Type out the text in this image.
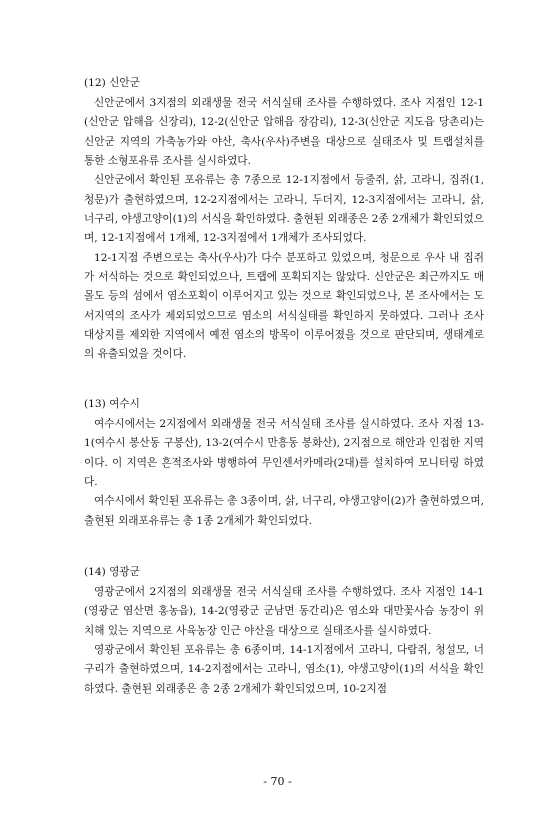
(12) 신안군

신안군에서 3지점의 외래생물 전국 서식실태 조사를 수행하였다. 조사 지점인 12-1(신안군 압해읍 신장리), 12-2(신안군 압해읍 장감리), 12-3(신안군 지도읍 당촌리)는 신안군 지역의 가축농가와 야산, 축사(우사)주변을 대상으로 실태조사 및 트랩설치를 통한 소형포유류 조사를 실시하였다.

신안군에서 확인된 포유류는 총 7종으로 12-1지점에서 등줄쥐, 삵, 고라니, 집쥐(1, 청문)가 출현하였으며, 12-2지점에서는 고라니, 두더지, 12-3지점에서는 고라니, 삵, 너구리, 야생고양이(1)의 서식을 확인하였다. 출현된 외래종은 2종 2개체가 확인되었으며, 12-1지점에서 1개체, 12-3지점에서 1개체가 조사되었다.

12-1지점 주변으로는 축사(우사)가 다수 분포하고 있었으며, 청문으로 우사 내 집쥐가 서식하는 것으로 확인되었으나, 트랩에 포획되지는 않았다. 신안군은 최근까지도 매몰도 등의 섬에서 염소포획이 이루어지고 있는 것으로 확인되었으나, 본 조사에서는 도서지역의 조사가 제외되었으므로 염소의 서식실태를 확인하지 못하였다. 그러나 조사 대상지를 제외한 지역에서 예전 염소의 방목이 이루어졌을 것으로 판단되며, 생태계로의 유출되었을 것이다.

(13) 여수시

여수시에서는 2지점에서 외래생물 전국 서식실태 조사를 실시하였다. 조사 지점 13-1(여수시 봉산동 구봉산), 13-2(여수시 만흥동 봉화산), 2지점으로 해안과 인접한 지역이다. 이 지역은 흔적조사와 병행하여 무인센서카메라(2대)를 설치하여 모니터링 하였다.

여수시에서 확인된 포유류는 총 3종이며, 삵, 너구리, 야생고양이(2)가 출현하였으며, 출현된 외래포유류는 총 1종 2개체가 확인되었다.

(14) 영광군

영광군에서 2지점의 외래생물 전국 서식실태 조사를 수행하였다. 조사 지점인 14-1(영광군 염산면 홍농읍), 14-2(영광군 군남면 동간리)은 염소와 대만꽃사슴 농장이 위치해 있는 지역으로 사육농장 인근 야산을 대상으로 실태조사를 실시하였다.

영광군에서 확인된 포유류는 총 6종이며, 14-1지점에서 고라니, 다람쥐, 청설모, 너구리가 출현하였으며, 14-2지점에서는 고라니, 염소(1), 야생고양이(1)의 서식을 확인하였다. 출현된 외래종은 총 2종 2개체가 확인되었으며, 10-2지점

- 70 -
